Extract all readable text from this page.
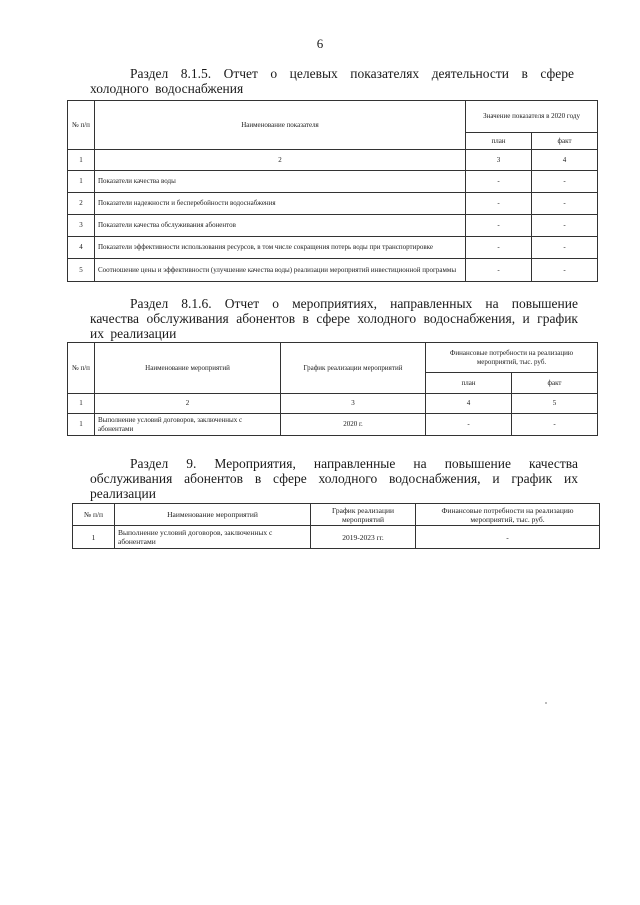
6
Раздел 8.1.5. Отчет о целевых показателях деятельности в сфере холодного водоснабжения
№ п/п	Наименование показателя	Значение показателя в 2020 году	
		план	факт
1	2	3	4
1	Показатели качества воды	-	-
2	Показатели надежности и бесперебойности водоснабжения	-	-
3	Показатели качества обслуживания абонентов	-	-
4	Показатели эффективности использования ресурсов, в том числе сокращения потерь воды при транспортировке	-	-
5	Соотношение цены и эффективности (улучшение качества воды) реализации мероприятий инвестиционной программы	-	-
Раздел 8.1.6. Отчет о мероприятиях, направленных на повышение качества обслуживания абонентов в сфере холодного водоснабжения, и график их реализации
№ п/п	Наименование мероприятий	График реализации мероприятий	Финансовые потребности на реализацию мероприятий, тыс. руб.	
			план	факт
1	2	3	4	5
1	Выполнение условий договоров, заключенных с абонентами	2020 г.	-	-
Раздел 9. Мероприятия, направленные на повышение качества обслуживания абонентов в сфере холодного водоснабжения, и график их реализации
№ п/п	Наименование мероприятий	График реализации мероприятий	Финансовые потребности на реализацию мероприятий, тыс. руб.
1	Выполнение условий договоров, заключенных с абонентами	2019-2023 гг.	-
